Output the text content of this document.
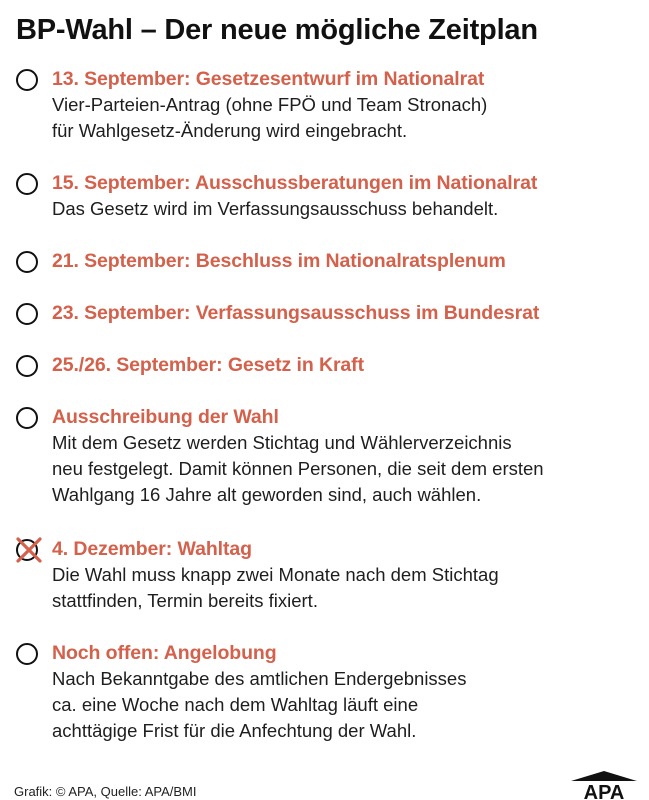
BP-Wahl – Der neue mögliche Zeitplan
13. September: Gesetzesentwurf im Nationalrat
Vier-Parteien-Antrag (ohne FPÖ und Team Stronach)
für Wahlgesetz-Änderung wird eingebracht.
15. September: Ausschussberatungen im Nationalrat
Das Gesetz wird im Verfassungsausschuss behandelt.
21. September: Beschluss im Nationalratsplenum
23. September: Verfassungsausschuss im Bundesrat
25./26. September: Gesetz in Kraft
Ausschreibung der Wahl
Mit dem Gesetz werden Stichtag und Wählerverzeichnis
neu festgelegt. Damit können Personen, die seit dem ersten
Wahlgang 16 Jahre alt geworden sind, auch wählen.
4. Dezember: Wahltag
Die Wahl muss knapp zwei Monate nach dem Stichtag
stattfinden, Termin bereits fixiert.
Noch offen: Angelobung
Nach Bekanntgabe des amtlichen Endergebnisses
ca. eine Woche nach dem Wahltag läuft eine
achttägige Frist für die Anfechtung der Wahl.
Grafik: © APA, Quelle: APA/BMI	APA
